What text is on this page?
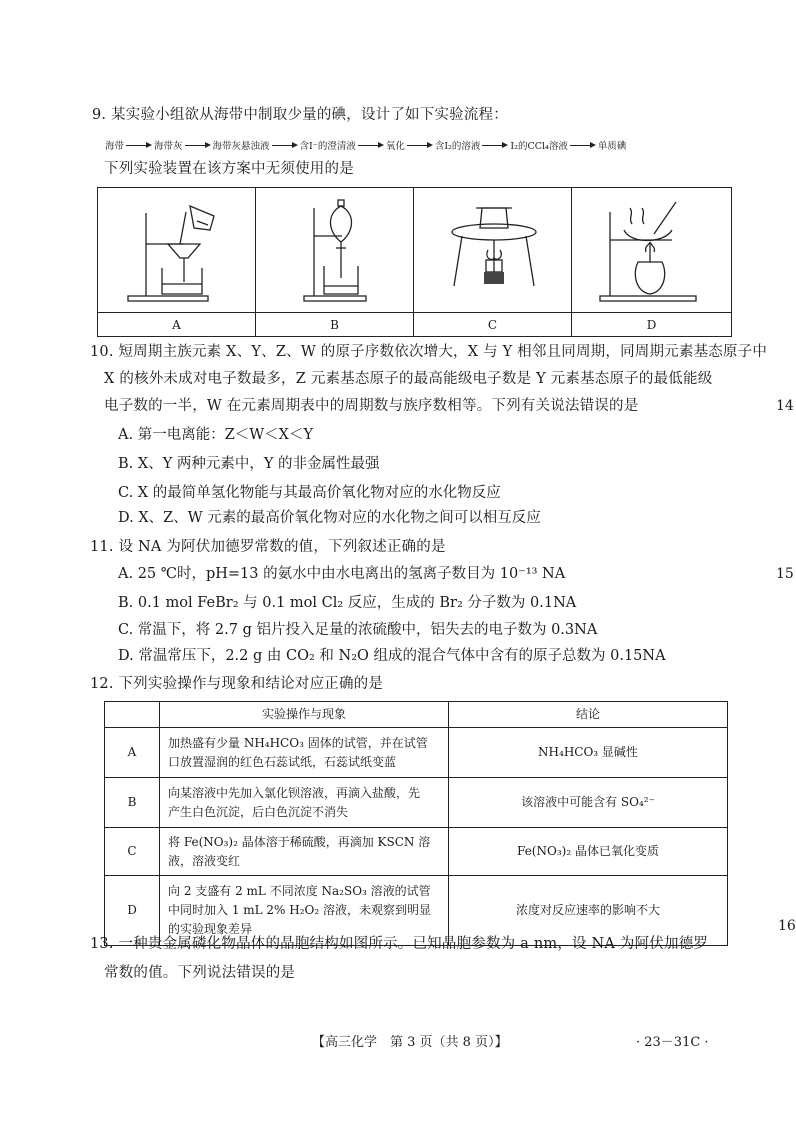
9. 某实验小组欲从海带中制取少量的碘，设计了如下实验流程：
海带	海带灰	海带灰悬浊液	含I⁻的澄清液	氧化	含I₂的溶液	I₂的CCl₄溶液	单质碘
下列实验装置在该方案中无须使用的是

A	B	C	D
10. 短周期主族元素 X、Y、Z、W 的原子序数依次增大，X 与 Y 相邻且同周期，同周期元素基态原子中
X 的核外未成对电子数最多，Z 元素基态原子的最高能级电子数是 Y 元素基态原子的最低能级
电子数的一半，W 在元素周期表中的周期数与族序数相等。下列有关说法错误的是
A. 第一电离能：Z＜W＜X＜Y
B. X、Y 两种元素中，Y 的非金属性最强
C. X 的最简单氢化物能与其最高价氧化物对应的水化物反应
D. X、Z、W 元素的最高价氧化物对应的水化物之间可以相互反应
11. 设 NA 为阿伏加德罗常数的值，下列叙述正确的是
A. 25 ℃时，pH=13 的氨水中由水电离出的氢离子数目为 10⁻¹³ NA
B. 0.1 mol FeBr₂ 与 0.1 mol Cl₂ 反应，生成的 Br₂ 分子数为 0.1NA
C. 常温下，将 2.7 g 铝片投入足量的浓硫酸中，铝失去的电子数为 0.3NA
D. 常温常压下，2.2 g 由 CO₂ 和 N₂O 组成的混合气体中含有的原子总数为 0.15NA
12. 下列实验操作与现象和结论对应正确的是
	实验操作与现象	结论
A	加热盛有少量 NH₄HCO₃ 固体的试管，并在试管
口放置湿润的红色石蕊试纸，石蕊试纸变蓝	NH₄HCO₃ 显碱性
B	向某溶液中先加入氯化钡溶液，再滴入盐酸，先
产生白色沉淀，后白色沉淀不消失	该溶液中可能含有 SO₄²⁻
C	将 Fe(NO₃)₂ 晶体溶于稀硫酸，再滴加 KSCN 溶
液，溶液变红	Fe(NO₃)₂ 晶体已氧化变质
D	向 2 支盛有 2 mL 不同浓度 Na₂SO₃ 溶液的试管
中同时加入 1 mL 2% H₂O₂ 溶液，未观察到明显
的实验现象差异	浓度对反应速率的影响不大
13. 一种贵金属磷化物晶体的晶胞结构如图所示。已知晶胞参数为 a nm，设 NA 为阿伏加德罗
常数的值。下列说法错误的是
【高三化学　第 3 页（共 8 页）】	· 23－31C ·
14
15
16
